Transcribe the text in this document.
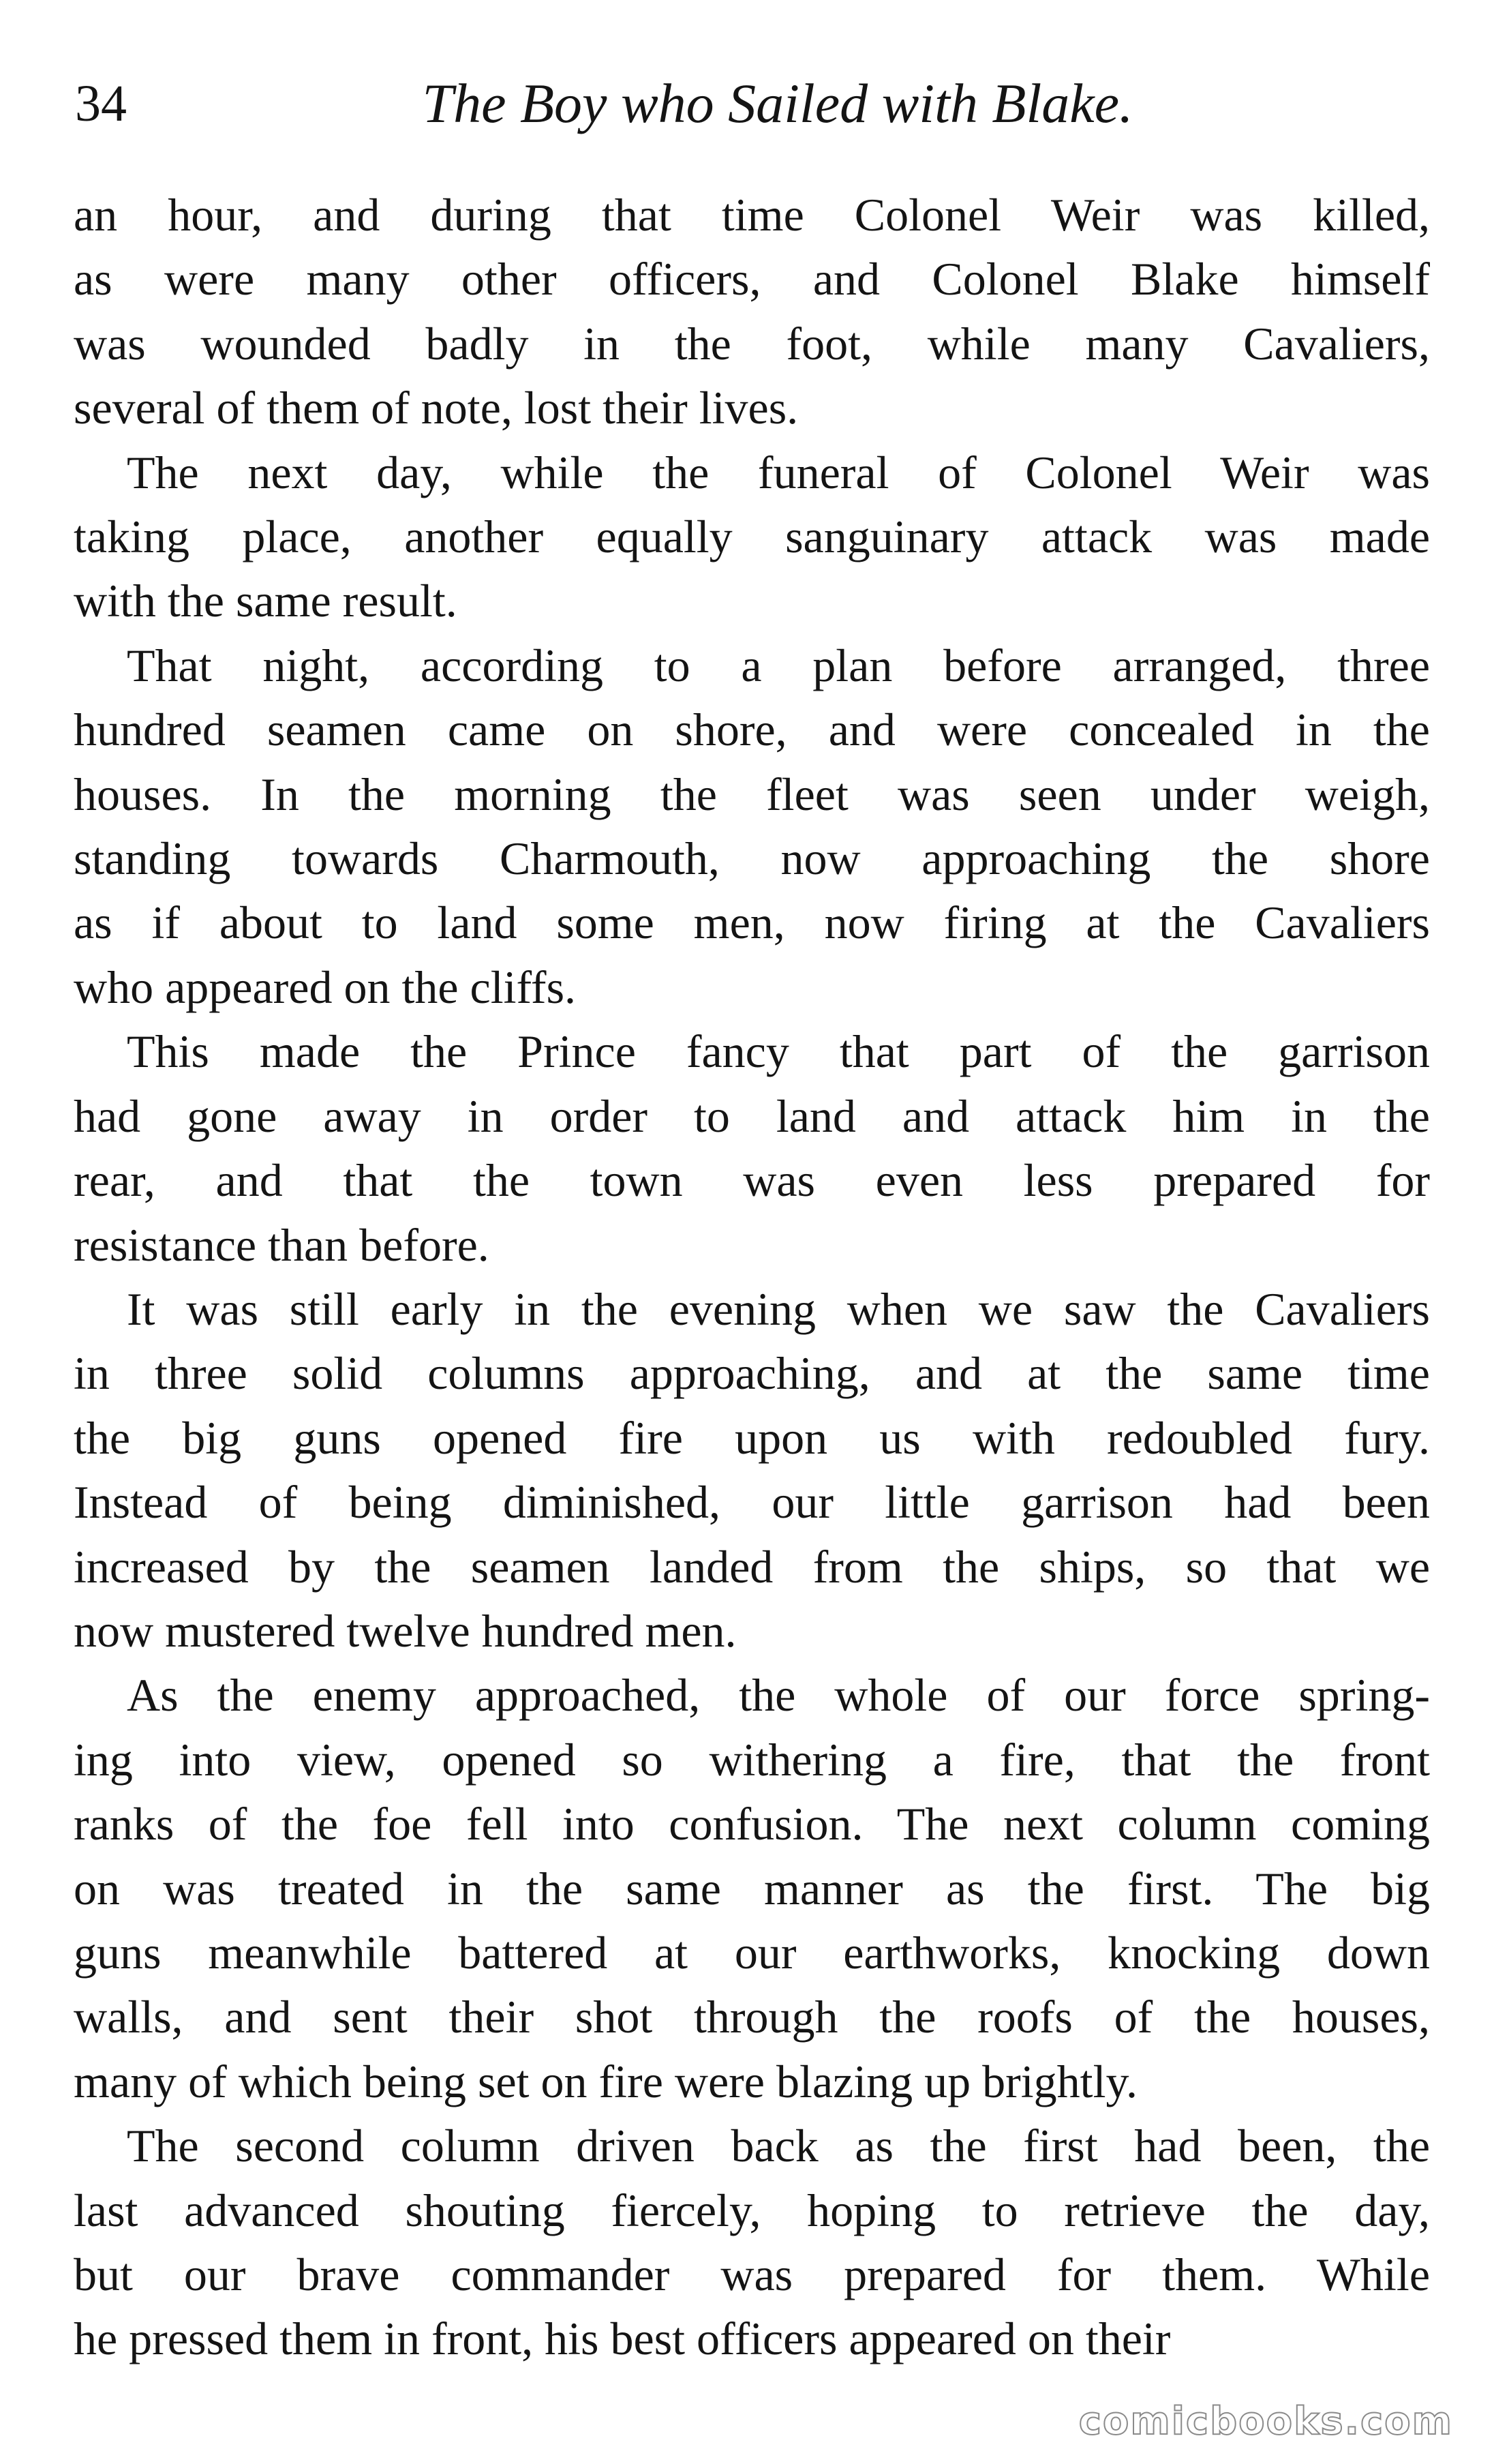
34	The Boy who Sailed with Blake.
an hour, and during that time Colonel Weir was killed,
as were many other officers, and Colonel Blake himself
was wounded badly in the foot, while many Cavaliers,
several of them of note, lost their lives.
The next day, while the funeral of Colonel Weir was
taking place, another equally sanguinary attack was made
with the same result.
That night, according to a plan before arranged, three
hundred seamen came on shore, and were concealed in the
houses. In the morning the fleet was seen under weigh,
standing towards Charmouth, now approaching the shore
as if about to land some men, now firing at the Cavaliers
who appeared on the cliffs.
This made the Prince fancy that part of the garrison
had gone away in order to land and attack him in the
rear, and that the town was even less prepared for
resistance than before.
It was still early in the evening when we saw the Cavaliers
in three solid columns approaching, and at the same time
the big guns opened fire upon us with redoubled fury.
Instead of being diminished, our little garrison had been
increased by the seamen landed from the ships, so that we
now mustered twelve hundred men.
As the enemy approached, the whole of our force spring-
ing into view, opened so withering a fire, that the front
ranks of the foe fell into confusion. The next column coming
on was treated in the same manner as the first. The big
guns meanwhile battered at our earthworks, knocking down
walls, and sent their shot through the roofs of the houses,
many of which being set on fire were blazing up brightly.
The second column driven back as the first had been, the
last advanced shouting fiercely, hoping to retrieve the day,
but our brave commander was prepared for them. While
he pressed them in front, his best officers appeared on their
comicbooks.com
